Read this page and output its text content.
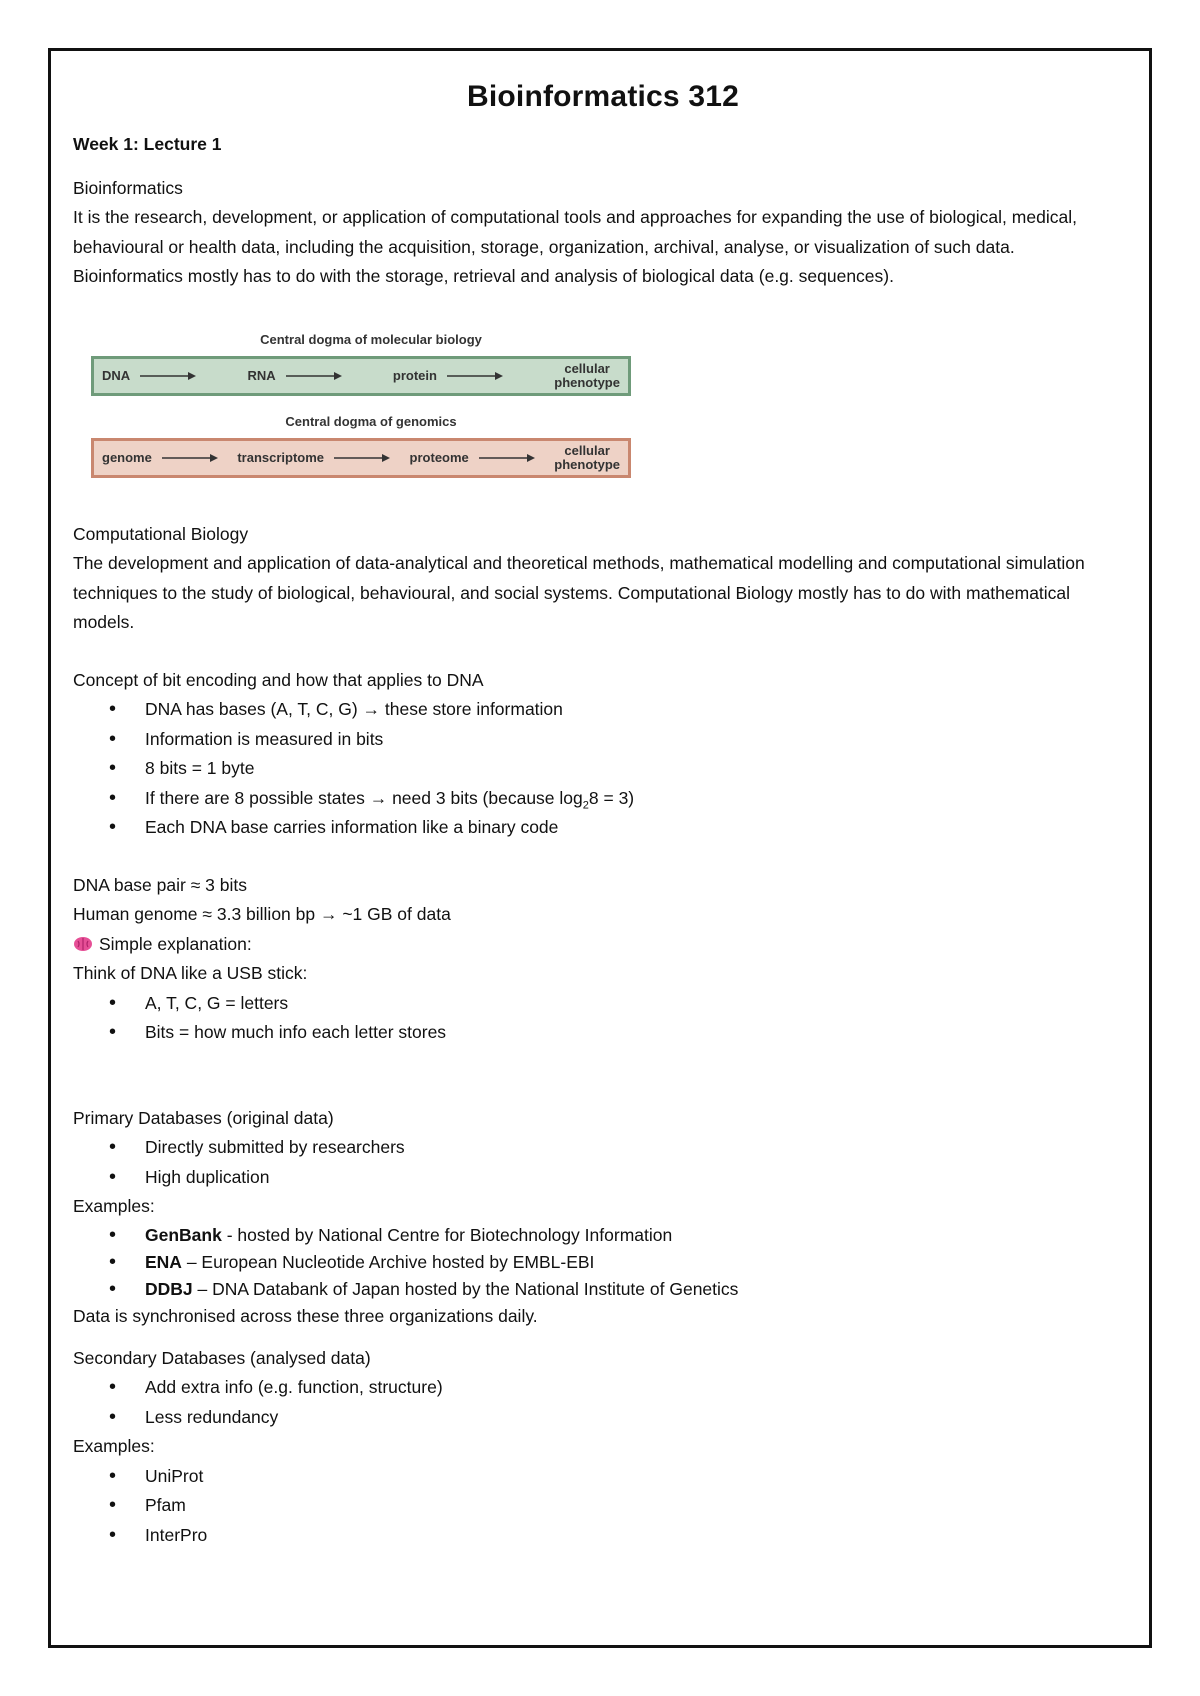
Bioinformatics 312

Week 1: Lecture 1

Bioinformatics

It is the research, development, or application of computational tools and approaches for expanding the use of biological, medical, behavioural or health data, including the acquisition, storage, organization, archival, analyse, or visualization of such data.

Bioinformatics mostly has to do with the storage, retrieval and analysis of biological data (e.g. sequences).

Central dogma of molecular biology
DNA	RNA	protein	cellular
phenotype
Central dogma of genomics
genome	transcriptome	proteome	cellular
phenotype

Computational Biology

The development and application of data-analytical and theoretical methods, mathematical modelling and computational simulation techniques to the study of biological, behavioural, and social systems. Computational Biology mostly has to do with mathematical models.

Concept of bit encoding and how that applies to DNA

• DNA has bases (A, T, C, G) → these store information
• Information is measured in bits
• 8 bits = 1 byte
• If there are 8 possible states → need 3 bits (because $\log_28 = 3$)
• Each DNA base carries information like a binary code

DNA base pair ≈ 3 bits

Human genome ≈ 3.3 billion bp → ~1 GB of data

Simple explanation:

Think of DNA like a USB stick:

• A, T, C, G = letters
• Bits = how much info each letter stores

Primary Databases (original data)

• Directly submitted by researchers
• High duplication

Examples:

• GenBank - hosted by National Centre for Biotechnology Information
• ENA – European Nucleotide Archive hosted by EMBL-EBI
• DDBJ – DNA Databank of Japan hosted by the National Institute of Genetics

Data is synchronised across these three organizations daily.

Secondary Databases (analysed data)

• Add extra info (e.g. function, structure)
• Less redundancy

Examples:

• UniProt
• Pfam
• InterPro
